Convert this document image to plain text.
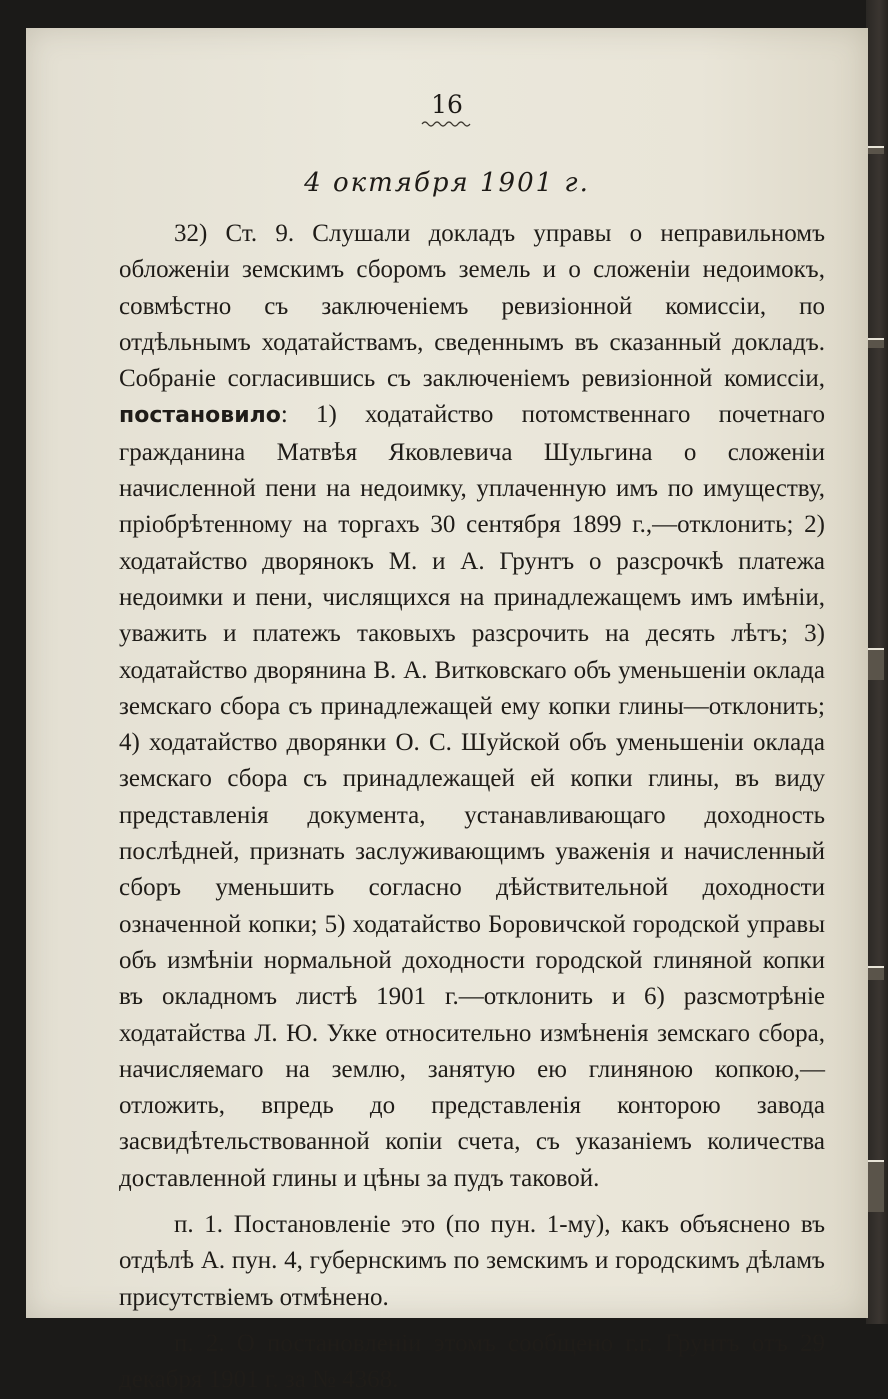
16
4 октября 1901 г.

32) Ст. 9. Слушали докладъ управы о неправильномъ обложеніи земскимъ сборомъ земель и о сложеніи недоимокъ, совмѣстно съ заключеніемъ ревизіонной комиссіи, по отдѣльнымъ ходатайствамъ, сведеннымъ въ сказанный докладъ. Собраніе согласившись съ заключеніемъ ревизіонной комиссіи, постановило: 1) ходатайство потомственнаго почетнаго гражданина Матвѣя Яковлевича Шульгина о сложеніи начисленной пени на недоимку, уплаченную имъ по имуществу, пріобрѣтенному на торгахъ 30 сентября 1899 г.,—отклонить; 2) ходатайство дворянокъ М. и А. Грунтъ о разсрочкѣ платежа недоимки и пени, числящихся на принадлежащемъ имъ имѣніи, уважить и платежъ таковыхъ разсрочить на десять лѣтъ; 3) ходатайство дворянина В. А. Витковскаго объ уменьшеніи оклада земскаго сбора съ принадлежащей ему копки глины—отклонить; 4) ходатайство дворянки О. С. Шуйской объ уменьшеніи оклада земскаго сбора съ принадлежащей ей копки глины, въ виду представленія документа, устанавливающаго доходность послѣдней, признать заслуживающимъ уваженія и начисленный сборъ уменьшить согласно дѣйствительной доходности означенной копки; 5) ходатайство Боровичской городской управы объ измѣніи нормальной доходности городской глиняной копки въ окладномъ листѣ 1901 г.—отклонить и 6) разсмотрѣніе ходатайства Л. Ю. Укке относительно измѣненія земскаго сбора, начисляемаго на землю, занятую ею глиняною копкою,—отложить, впредь до представленія конторою завода засвидѣтельствованной копіи счета, съ указаніемъ количества доставленной глины и цѣны за пудъ таковой.

п. 1. Постановленіе это (по пун. 1-му), какъ объяснено въ отдѣлѣ А. пун. 4, губернскимъ по земскимъ и городскимъ дѣламъ присутствіемъ отмѣнено.

п. 2. О постановленіи этомъ сообщено г.г. Грунтъ отъ 29 декабря 1901 г. за № 4368.
